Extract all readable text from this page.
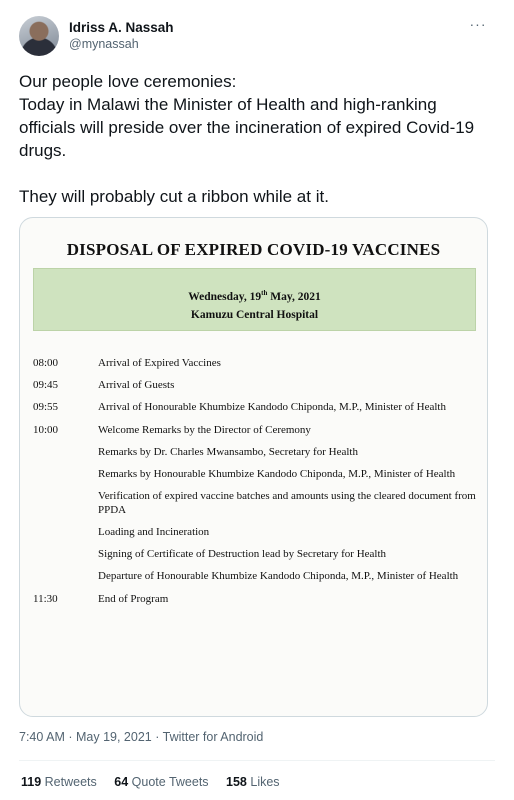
Idriss A. Nassah
@mynassah
···

Our people love ceremonies:

Today in Malawi the Minister of Health and high-ranking officials will preside over the incineration of expired Covid-19 drugs.

They will probably cut a ribbon while at it.

DISPOSAL OF EXPIRED COVID-19 VACCINES
Wednesday, 19th May, 2021
Kamuzu Central Hospital
08:00	Arrival of Expired Vaccines
09:45	Arrival of Guests
09:55	Arrival of Honourable Khumbize Kandodo Chiponda, M.P., Minister of Health
10:00	Welcome Remarks by the Director of Ceremony
Remarks by Dr. Charles Mwansambo, Secretary for Health
Remarks by Honourable Khumbize Kandodo Chiponda, M.P., Minister of Health
Verification of expired vaccine batches and amounts using the cleared document from PPDA
Loading and Incineration
Signing of Certificate of Destruction lead by Secretary for Health
Departure of Honourable Khumbize Kandodo Chiponda, M.P., Minister of Health
11:30	End of Program
7:40 AM · May 19, 2021 · Twitter for Android
119 Retweets 64 Quote Tweets 158 Likes
